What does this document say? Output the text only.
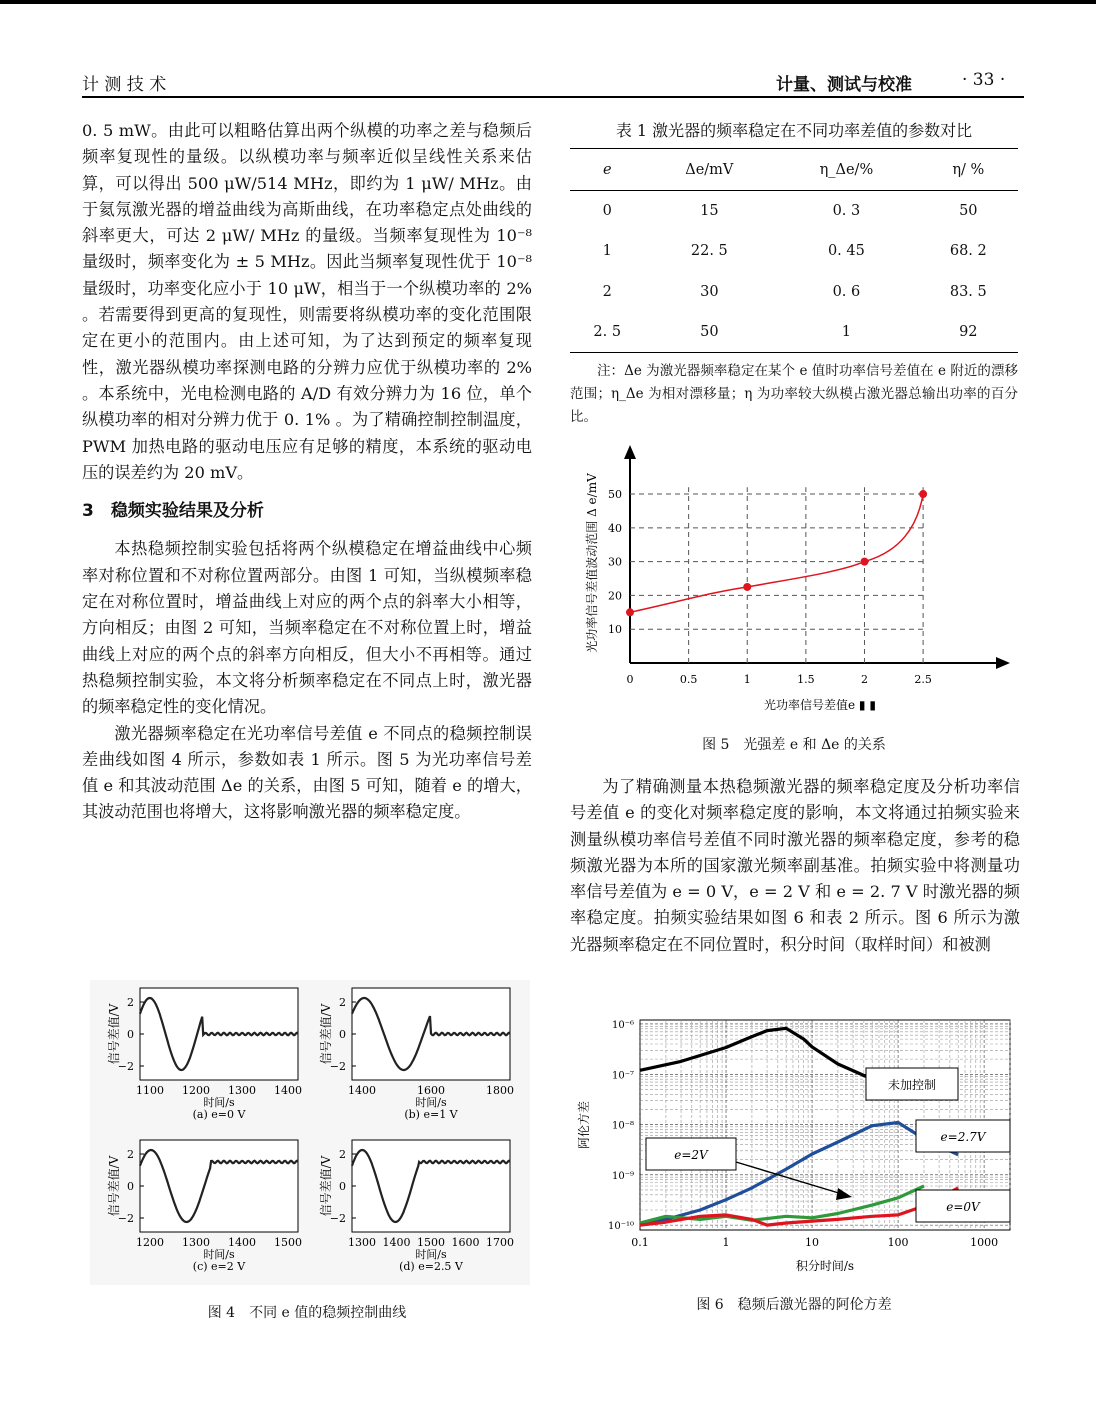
计 测 技 术	计量、测试与校准	· 33 ·

0. 5 mW。由此可以粗略估算出两个纵模的功率之差与稳频后频率复现性的量级。以纵模功率与频率近似呈线性关系来估算，可以得出 500 μW/514 MHz，即约为 1 μW/ MHz。由于氦氖激光器的增益曲线为高斯曲线，在功率稳定点处曲线的斜率更大，可达 2 μW/ MHz 的量级。当频率复现性为 10⁻⁸ 量级时，频率变化为 ± 5 MHz。因此当频率复现性优于 10⁻⁸ 量级时，功率变化应小于 10 μW，相当于一个纵模功率的 2% 。若需要得到更高的复现性，则需要将纵模功率的变化范围限定在更小的范围内。由上述可知，为了达到预定的频率复现性，激光器纵模功率探测电路的分辨力应优于纵模功率的 2% 。本系统中，光电检测电路的 A/D 有效分辨力为 16 位，单个纵模功率的相对分辨力优于 0. 1% 。为了精确控制控制温度，PWM 加热电路的驱动电压应有足够的精度，本系统的驱动电压的误差约为 20 mV。

3　稳频实验结果及分析

本热稳频控制实验包括将两个纵模稳定在增益曲线中心频率对称位置和不对称位置两部分。由图 1 可知，当纵模频率稳定在对称位置时，增益曲线上对应的两个点的斜率大小相等，方向相反；由图 2 可知，当频率稳定在不对称位置上时，增益曲线上对应的两个点的斜率方向相反，但大小不再相等。通过热稳频控制实验，本文将分析频率稳定在不同点上时，激光器的频率稳定性的变化情况。

激光器频率稳定在光功率信号差值 e 不同点的稳频控制误差曲线如图 4 所示，参数如表 1 所示。图 5 为光功率信号差值 e 和其波动范围 Δe 的关系，由图 5 可知，随着 e 的增大，其波动范围也将增大，这将影响激光器的频率稳定度。

2
0
−2
1100 1200 1300 1400
时间/s
(a) e=0 V
信号差值/V
2
0
−2
1400	1600	1800
时间/s
(b) e=1 V
信号差值/V
2
0
−2
1200 1300 1400 1500
时间/s
(c) e=2 V
信号差值/V
2
0
−2
1300 1400 1500 1600 1700
时间/s
(d) e=2.5 V
信号差值/V
图 4　不同 e 值的稳频控制曲线
表 1 激光器的频率稳定在不同功率差值的参数对比
e	Δe/mV	η_Δe/%	η/ %
0	15	0. 3	50
1	22. 5	0. 45	68. 2
2	30	0. 6	83. 5
2. 5	50	1	92
注：Δe 为激光器频率稳定在某个 e 值时功率信号差值在 e 附近的漂移范围；η_Δe 为相对漂移量；η 为功率较大纵模占激光器总输出功率的百分比。
10
20
30
40
50
0	0.5	1	1.5	2	2.5
光功率信号差值e ▮ ▮
光功率信号差值波动范围 Δ e/mV
图 5　光强差 e 和 Δe 的关系

为了精确测量本热稳频激光器的频率稳定度及分析功率信号差值 e 的变化对频率稳定度的影响，本文将通过拍频实验来测量纵模功率信号差值不同时激光器的频率稳定度，参考的稳频激光器为本所的国家激光频率副基准。拍频实验中将测量功率信号差值为 e = 0 V，e = 2 V 和 e = 2. 7 V 时激光器的频率稳定度。拍频实验结果如图 6 和表 2 所示。图 6 所示为激光器频率稳定在不同位置时，积分时间（取样时间）和被测

10⁻⁶
10⁻⁷
10⁻⁸
10⁻⁹
10⁻¹⁰
0.1	1	10	100	1000
积分时间/s
阿伦方差
未加控制
e=2.7V
e=2V
e=0V
图 6　稳频后激光器的阿伦方差
